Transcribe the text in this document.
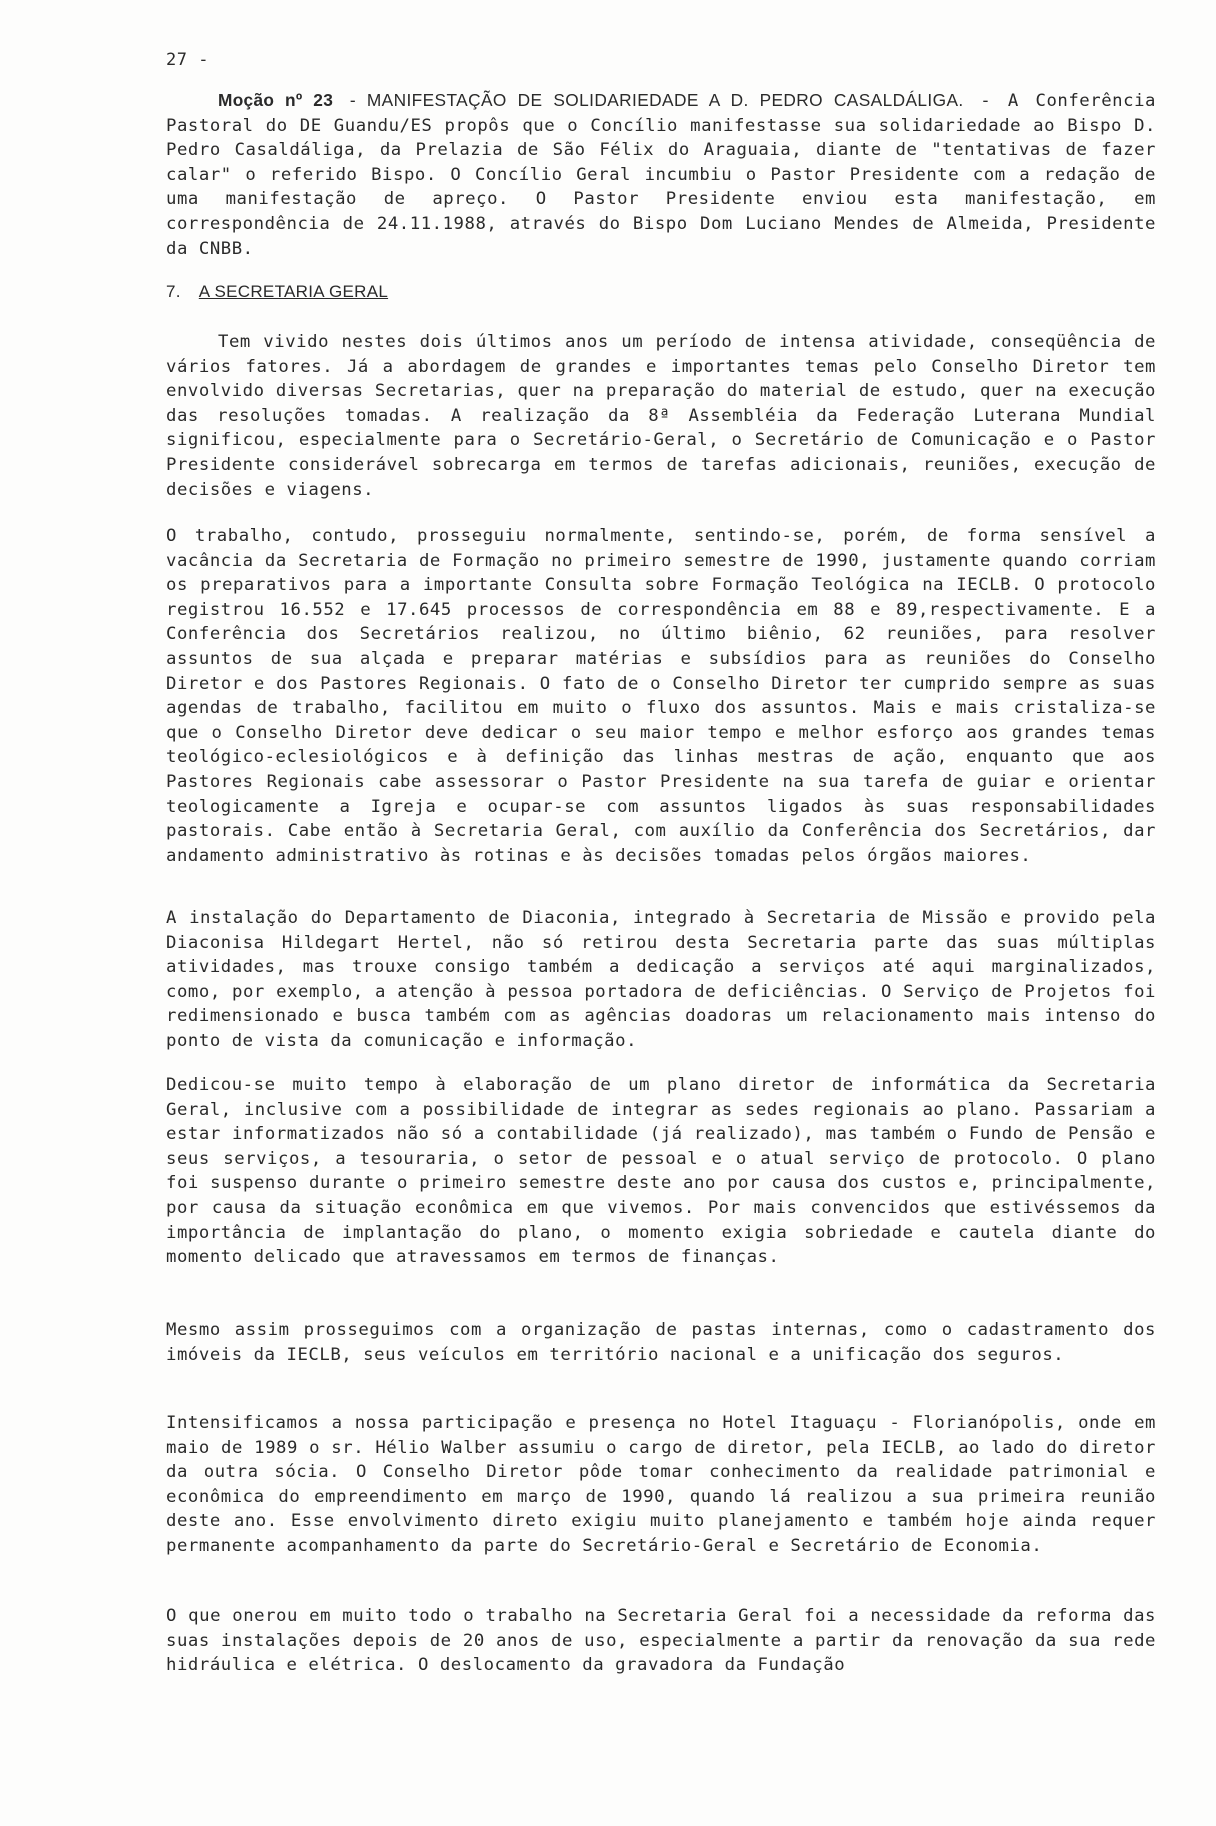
27 -

Moção nº 23 - MANIFESTAÇÃO DE SOLIDARIEDADE A D. PEDRO CASALDÁLIGA. - A Conferência Pastoral do DE Guandu/ES propôs que o Concílio manifestasse sua solidariedade ao Bispo D. Pedro Casaldáliga, da Prelazia de São Félix do Araguaia, diante de "tentativas de fazer calar" o referido Bispo. O Concílio Geral incumbiu o Pastor Presidente com a redação de uma manifestação de apreço. O Pastor Presidente enviou esta manifestação, em correspondência de 24.11.1988, através do Bispo Dom Luciano Mendes de Almeida, Presidente da CNBB.

7. A SECRETARIA GERAL

Tem vivido nestes dois últimos anos um período de intensa atividade, conseqüência de vários fatores. Já a abordagem de grandes e importantes temas pelo Conselho Diretor tem envolvido diversas Secretarias, quer na preparação do material de estudo, quer na execução das resoluções tomadas. A realização da 8ª Assembléia da Federação Luterana Mundial significou, especialmente para o Secretário-Geral, o Secretário de Comunicação e o Pastor Presidente considerável sobrecarga em termos de tarefas adicionais, reuniões, execução de decisões e viagens.

O trabalho, contudo, prosseguiu normalmente, sentindo-se, porém, de forma sensível a vacância da Secretaria de Formação no primeiro semestre de 1990, justamente quando corriam os preparativos para a importante Consulta sobre Formação Teológica na IECLB. O protocolo registrou 16.552 e 17.645 processos de correspondência em 88 e 89,respectivamente. E a Conferência dos Secretários realizou, no último biênio, 62 reuniões, para resolver assuntos de sua alçada e preparar matérias e subsídios para as reuniões do Conselho Diretor e dos Pastores Regionais. O fato de o Conselho Diretor ter cumprido sempre as suas agendas de trabalho, facilitou em muito o fluxo dos assuntos. Mais e mais cristaliza-se que o Conselho Diretor deve dedicar o seu maior tempo e melhor esforço aos grandes temas teológico-eclesiológicos e à definição das linhas mestras de ação, enquanto que aos Pastores Regionais cabe assessorar o Pastor Presidente na sua tarefa de guiar e orientar teologicamente a Igreja e ocupar-se com assuntos ligados às suas responsabilidades pastorais. Cabe então à Secretaria Geral, com auxílio da Conferência dos Secretários, dar andamento administrativo às rotinas e às decisões tomadas pelos órgãos maiores.

A instalação do Departamento de Diaconia, integrado à Secretaria de Missão e provido pela Diaconisa Hildegart Hertel, não só retirou desta Secretaria parte das suas múltiplas atividades, mas trouxe consigo também a dedicação a serviços até aqui marginalizados, como, por exemplo, a atenção à pessoa portadora de deficiências. O Serviço de Projetos foi redimensionado e busca também com as agências doadoras um relacionamento mais intenso do ponto de vista da comunicação e informação.

Dedicou-se muito tempo à elaboração de um plano diretor de informática da Secretaria Geral, inclusive com a possibilidade de integrar as sedes regionais ao plano. Passariam a estar informatizados não só a contabilidade (já realizado), mas também o Fundo de Pensão e seus serviços, a tesouraria, o setor de pessoal e o atual serviço de protocolo. O plano foi suspenso durante o primeiro semestre deste ano por causa dos custos e, principalmente, por causa da situação econômica em que vivemos. Por mais convencidos que estivéssemos da importância de implantação do plano, o momento exigia sobriedade e cautela diante do momento delicado que atravessamos em termos de finanças.

Mesmo assim prosseguimos com a organização de pastas internas, como o cadastramento dos imóveis da IECLB, seus veículos em território nacional e a unificação dos seguros.

Intensificamos a nossa participação e presença no Hotel Itaguaçu - Florianópolis, onde em maio de 1989 o sr. Hélio Walber assumiu o cargo de diretor, pela IECLB, ao lado do diretor da outra sócia. O Conselho Diretor pôde tomar conhecimento da realidade patrimonial e econômica do empreendimento em março de 1990, quando lá realizou a sua primeira reunião deste ano. Esse envolvimento direto exigiu muito planejamento e também hoje ainda requer permanente acompanhamento da parte do Secretário-Geral e Secretário de Economia.

O que onerou em muito todo o trabalho na Secretaria Geral foi a necessidade da reforma das suas instalações depois de 20 anos de uso, especialmente a partir da renovação da sua rede hidráulica e elétrica. O deslocamento da gravadora da Fundação
